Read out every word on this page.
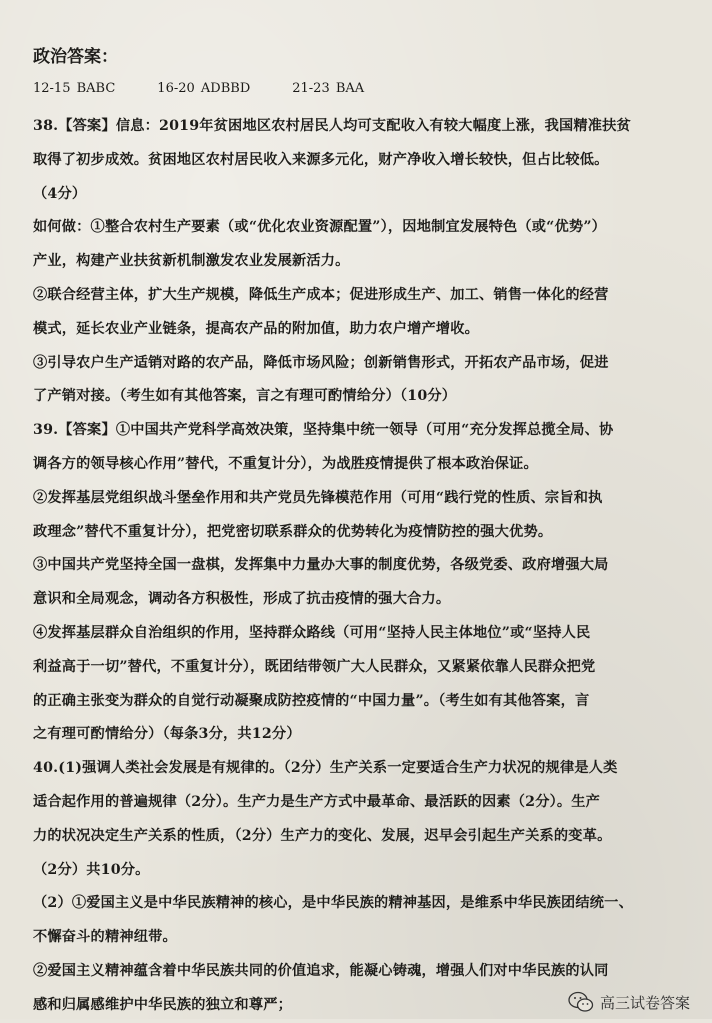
政治答案：
12-15 BABC	16-20 ADBBD	21-23 BAA
38.【答案】信息：2019年贫困地区农村居民人均可支配收入有较大幅度上涨，我国精准扶贫
取得了初步成效。贫困地区农村居民收入来源多元化，财产净收入增长较快，但占比较低。
（4分）
如何做：①整合农村生产要素（或“优化农业资源配置”），因地制宜发展特色（或“优势”）
产业，构建产业扶贫新机制激发农业发展新活力。
②联合经营主体，扩大生产规模，降低生产成本；促进形成生产、加工、销售一体化的经营
模式，延长农业产业链条，提高农产品的附加值，助力农户增产增收。
③引导农户生产适销对路的农产品，降低市场风险；创新销售形式，开拓农产品市场，促进
了产销对接。（考生如有其他答案，言之有理可酌情给分）（10分）
39.【答案】①中国共产党科学高效决策，坚持集中统一领导（可用“充分发挥总揽全局、协
调各方的领导核心作用”替代，不重复计分），为战胜疫情提供了根本政治保证。
②发挥基层党组织战斗堡垒作用和共产党员先锋模范作用（可用“践行党的性质、宗旨和执
政理念”替代不重复计分），把党密切联系群众的优势转化为疫情防控的强大优势。
③中国共产党坚持全国一盘棋，发挥集中力量办大事的制度优势，各级党委、政府增强大局
意识和全局观念，调动各方积极性，形成了抗击疫情的强大合力。
④发挥基层群众自治组织的作用，坚持群众路线（可用“坚持人民主体地位”或“坚持人民
利益高于一切”替代，不重复计分），既团结带领广大人民群众，又紧紧依靠人民群众把党
的正确主张变为群众的自觉行动凝聚成防控疫情的“中国力量”。（考生如有其他答案，言
之有理可酌情给分）（每条3分，共12分）
40.(1)强调人类社会发展是有规律的。（2分）生产关系一定要适合生产力状况的规律是人类
适合起作用的普遍规律（2分）。生产力是生产方式中最革命、最活跃的因素（2分）。生产
力的状况决定生产关系的性质，（2分）生产力的变化、发展，迟早会引起生产关系的变革。
（2分）共10分。
（2）①爱国主义是中华民族精神的核心，是中华民族的精神基因，是维系中华民族团结统一、
不懈奋斗的精神纽带。
②爱国主义精神蕴含着中华民族共同的价值追求，能凝心铸魂，增强人们对中华民族的认同
感和归属感维护中华民族的独立和尊严；	高三试卷答案
